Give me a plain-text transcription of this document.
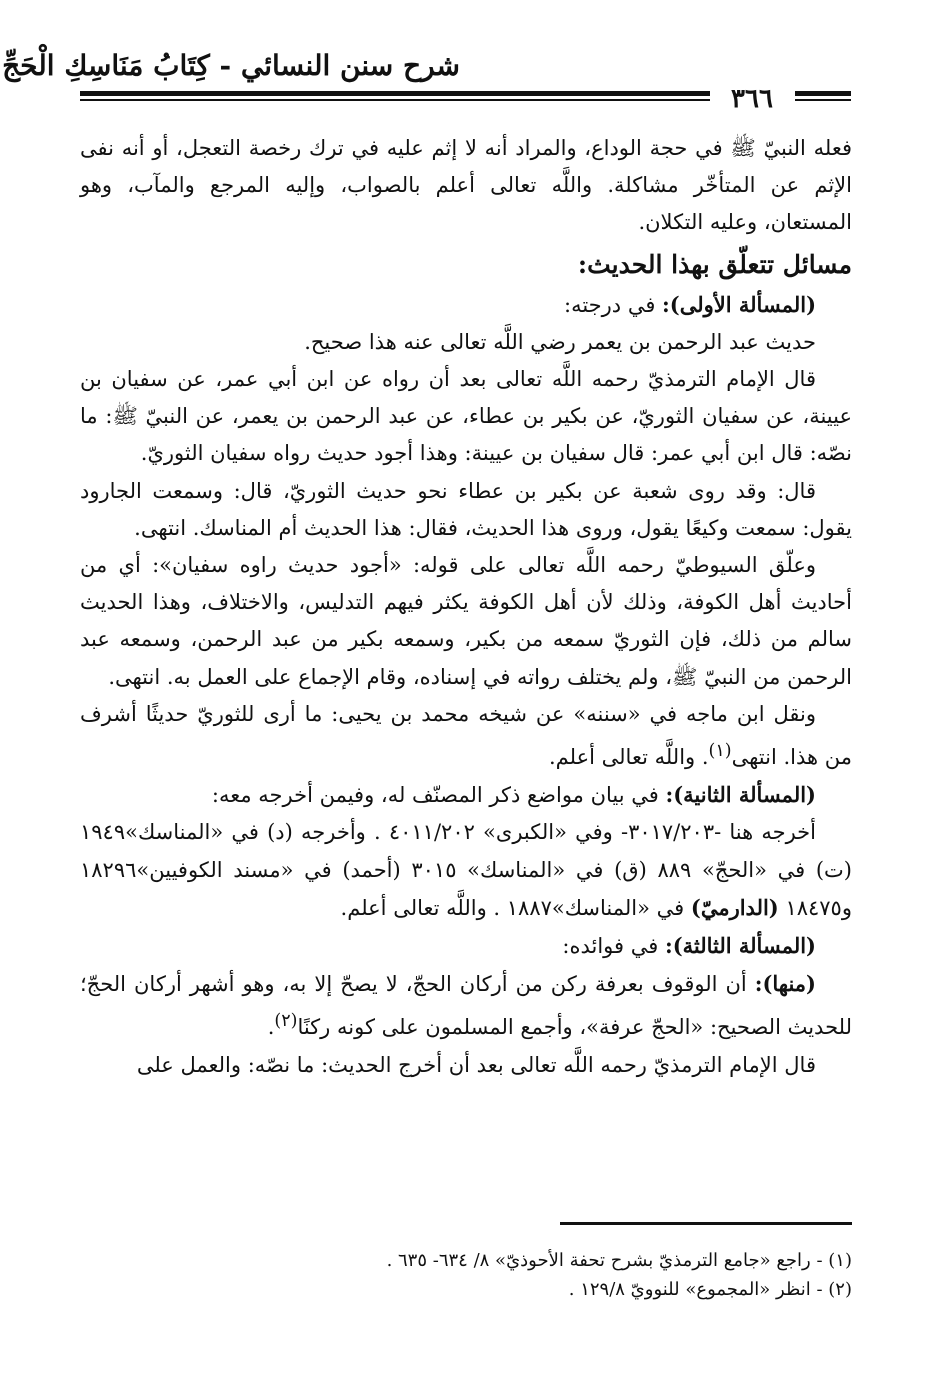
شرح سنن النسائي - كِتَابُ مَنَاسِكِ الْحَجِّ
٣٦٦

فعله النبيّ ﷺ في حجة الوداع، والمراد أنه لا إثم عليه في ترك رخصة التعجل، أو أنه نفى الإثم عن المتأخّر مشاكلة. واللَّه تعالى أعلم بالصواب، وإليه المرجع والمآب، وهو المستعان، وعليه التكلان.

مسائل تتعلّق بهذا الحديث:

(المسألة الأولى): في درجته:

حديث عبد الرحمن بن يعمر رضي اللَّه تعالى عنه هذا صحيح.

قال الإمام الترمذيّ رحمه اللَّه تعالى بعد أن رواه عن ابن أبي عمر، عن سفيان بن عيينة، عن سفيان الثوريّ، عن بكير بن عطاء، عن عبد الرحمن بن يعمر، عن النبيّ ﷺ: ما نصّه: قال ابن أبي عمر: قال سفيان بن عيينة: وهذا أجود حديث رواه سفيان الثوريّ.

قال: وقد روى شعبة عن بكير بن عطاء نحو حديث الثوريّ، قال: وسمعت الجارود يقول: سمعت وكيعًا يقول، وروى هذا الحديث، فقال: هذا الحديث أم المناسك. انتهى.

وعلّق السيوطيّ رحمه اللَّه تعالى على قوله: «أجود حديث راوه سفيان»: أي من أحاديث أهل الكوفة، وذلك لأن أهل الكوفة يكثر فيهم التدليس، والاختلاف، وهذا الحديث سالم من ذلك، فإن الثوريّ سمعه من بكير، وسمعه بكير من عبد الرحمن، وسمعه عبد الرحمن من النبيّ ﷺ، ولم يختلف رواته في إسناده، وقام الإجماع على العمل به. انتهى.

ونقل ابن ماجه في «سننه» عن شيخه محمد بن يحيى: ما أرى للثوريّ حديثًا أشرف من هذا. انتهى$^{(١)}$. واللَّه تعالى أعلم.

(المسألة الثانية): في بيان مواضع ذكر المصنّف له، وفيمن أخرجه معه:

أخرجه هنا -٣٠١٧/٢٠٣- وفي «الكبرى» ٤٠١١/٢٠٢ . وأخرجه (د) في «المناسك»١٩٤٩ (ت) في «الحجّ» ٨٨٩ (ق) في «المناسك» ٣٠١٥ (أحمد) في «مسند الكوفيين»١٨٢٩٦ و١٨٤٧٥ (الدارميّ) في «المناسك»١٨٨٧ . واللَّه تعالى أعلم.

(المسألة الثالثة): في فوائده:

(منها): أن الوقوف بعرفة ركن من أركان الحجّ، لا يصحّ إلا به، وهو أشهر أركان الحجّ؛ للحديث الصحيح: «الحجّ عرفة»، وأجمع المسلمون على كونه ركنًا$^{(٢)}$.

قال الإمام الترمذيّ رحمه اللَّه تعالى بعد أن أخرج الحديث: ما نصّه: والعمل على

(١) - راجع «جامع الترمذيّ بشرح تحفة الأحوذيّ» ٨/ ٦٣٤- ٦٣٥ .

(٢) - انظر «المجموع» للنوويّ ١٢٩/٨ .
